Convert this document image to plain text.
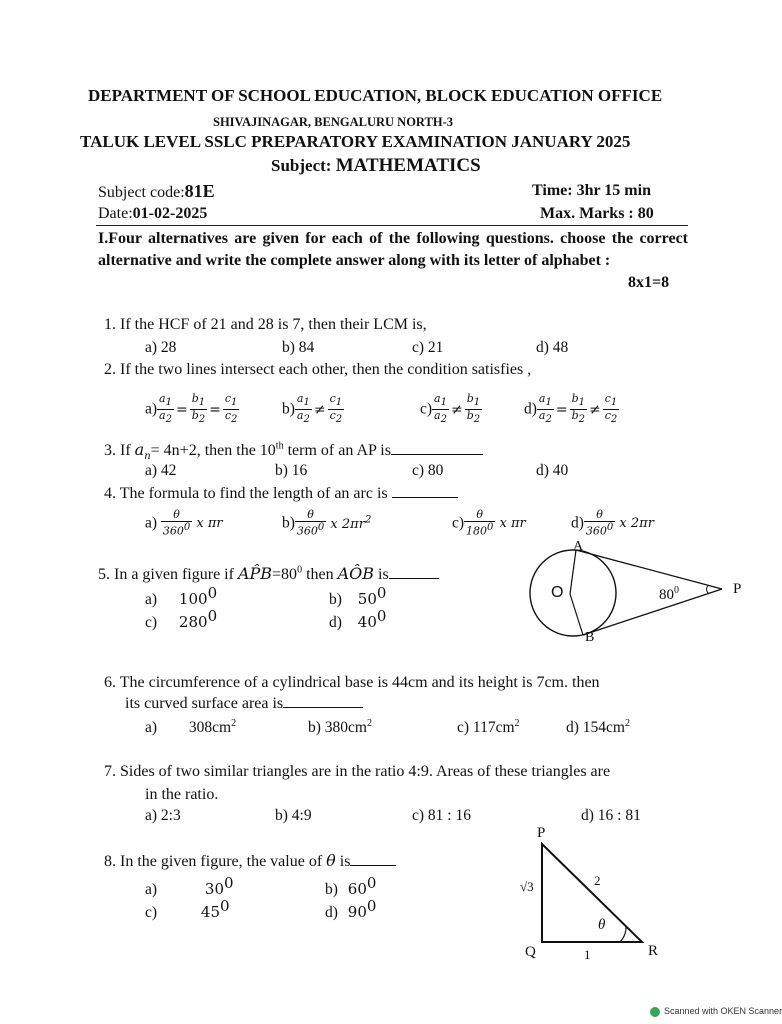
DEPARTMENT OF SCHOOL EDUCATION, BLOCK EDUCATION OFFICE
SHIVAJINAGAR, BENGALURU NORTH-3
TALUK LEVEL SSLC PREPARATORY EXAMINATION JANUARY 2025
Subject: MATHEMATICS
Subject code:81E	Time: 3hr 15 min
Date:01-02-2025	Max. Marks : 80
I.Four alternatives are given for each of the following questions. choose the correct alternative and write the complete answer along with its letter of alphabet :
8x1=8
1. If the HCF of 21 and 28 is 7, then their LCM is,
a) 28	b) 84	c) 21	d) 48
2. If the two lines intersect each other, then the condition satisfies ,
$a) \frac{a_1}{a_2} = \frac{b_1}{b_2} = \frac{c_1}{c_2}$	$b) \frac{a_1}{a_2} \ne \frac{c_1}{c_2}$	$c) \frac{a_1}{a_2} \ne \frac{b_1}{b_2}$	$d) \frac{a_1}{a_2} = \frac{b_1}{b_2} \ne \frac{c_1}{c_2}$
3. If $a_n= 4n+2$, then the 10th term of an AP is
a) 42	b) 16	c) 80	d) 40
4. The formula to find the length of an arc is
$a) \frac{\theta}{360^0}$ x πr	$b) \frac{\theta}{360^0}$ x $2\pi r^2$	$c) \frac{\theta}{180^0}$ x πr	$d) \frac{\theta}{360^0}$ x 2πr
5. In a given figure if $AP̂B=80^0$ then AÔB is
a) $100^0$	b) $50^0$
c) $280^0$	d) $40^0$
A
B
O	P
$80^0$
6. The circumference of a cylindrical base is 44cm and its height is 7cm. then
its curved surface area is
a) $308cm^2$	b) $380cm^2$	c) $117cm^2$	d) $154cm^2$
7. Sides of two similar triangles are in the ratio 4:9. Areas of these triangles are
in the ratio.
a) 2:3	b) 4:9	c) 81 : 16	d) 16 : 81
8. In the given figure, the value of θ is
a)	$30^0$	b) $60^0$
c)	$45^0$	d) $90^0$
P
Q	R
√3	2
1
θ
Scanned with OKEN Scanner
